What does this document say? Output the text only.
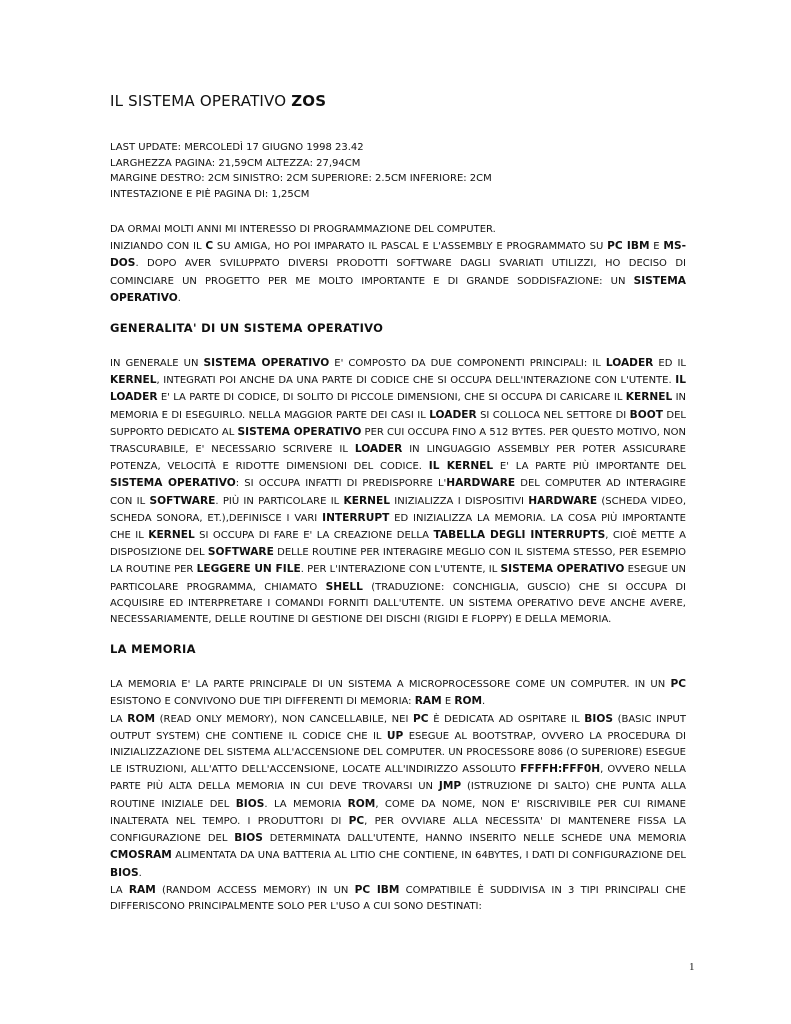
IL SISTEMA OPERATIVO ZOS
LAST UPDATE: MERCOLEDÌ 17 GIUGNO 1998 23.42
LARGHEZZA PAGINA: 21,59CM ALTEZZA: 27,94CM
MARGINE DESTRO: 2CM SINISTRO: 2CM SUPERIORE: 2.5CM INFERIORE: 2CM
INTESTAZIONE E PIÈ PAGINA DI: 1,25CM

DA ORMAI MOLTI ANNI MI INTERESSO DI PROGRAMMAZIONE DEL COMPUTER.

INIZIANDO CON IL C SU AMIGA, HO POI IMPARATO IL PASCAL E L'ASSEMBLY E PROGRAMMATO SU PC IBM E MS-DOS. DOPO AVER SVILUPPATO DIVERSI PRODOTTI SOFTWARE DAGLI SVARIATI UTILIZZI, HO DECISO DI COMINCIARE UN PROGETTO PER ME MOLTO IMPORTANTE E DI GRANDE SODDISFAZIONE: UN SISTEMA OPERATIVO.

GENERALITA' DI UN SISTEMA OPERATIVO

IN GENERALE UN SISTEMA OPERATIVO E' COMPOSTO DA DUE COMPONENTI PRINCIPALI: IL LOADER ED IL KERNEL, INTEGRATI POI ANCHE DA UNA PARTE DI CODICE CHE SI OCCUPA DELL'INTERAZIONE CON L'UTENTE. IL LOADER E' LA PARTE DI CODICE, DI SOLITO DI PICCOLE DIMENSIONI, CHE SI OCCUPA DI CARICARE IL KERNEL IN MEMORIA E DI ESEGUIRLO. NELLA MAGGIOR PARTE DEI CASI IL LOADER SI COLLOCA NEL SETTORE DI BOOT DEL SUPPORTO DEDICATO AL SISTEMA OPERATIVO PER CUI OCCUPA FINO A 512 BYTES. PER QUESTO MOTIVO, NON TRASCURABILE, E' NECESSARIO SCRIVERE IL LOADER IN LINGUAGGIO ASSEMBLY PER POTER ASSICURARE POTENZA, VELOCITÀ E RIDOTTE DIMENSIONI DEL CODICE. IL KERNEL E' LA PARTE PIÙ IMPORTANTE DEL SISTEMA OPERATIVO: SI OCCUPA INFATTI DI PREDISPORRE L'HARDWARE DEL COMPUTER AD INTERAGIRE CON IL SOFTWARE. PIÙ IN PARTICOLARE IL KERNEL INIZIALIZZA I DISPOSITIVI HARDWARE (SCHEDA VIDEO, SCHEDA SONORA, ET.),DEFINISCE I VARI INTERRUPT ED INIZIALIZZA LA MEMORIA. LA COSA PIÙ IMPORTANTE CHE IL KERNEL SI OCCUPA DI FARE E' LA CREAZIONE DELLA TABELLA DEGLI INTERRUPTS, CIOÈ METTE A DISPOSIZIONE DEL SOFTWARE DELLE ROUTINE PER INTERAGIRE MEGLIO CON IL SISTEMA STESSO, PER ESEMPIO LA ROUTINE PER LEGGERE UN FILE. PER L'INTERAZIONE CON L'UTENTE, IL SISTEMA OPERATIVO ESEGUE UN PARTICOLARE PROGRAMMA, CHIAMATO SHELL (TRADUZIONE: CONCHIGLIA, GUSCIO) CHE SI OCCUPA DI ACQUISIRE ED INTERPRETARE I COMANDI FORNITI DALL'UTENTE. UN SISTEMA OPERATIVO DEVE ANCHE AVERE, NECESSARIAMENTE, DELLE ROUTINE DI GESTIONE DEI DISCHI (RIGIDI E FLOPPY) E DELLA MEMORIA.

LA MEMORIA

LA MEMORIA E' LA PARTE PRINCIPALE DI UN SISTEMA A MICROPROCESSORE COME UN COMPUTER. IN UN PC ESISTONO E CONVIVONO DUE TIPI DIFFERENTI DI MEMORIA: RAM E ROM.

LA ROM (READ ONLY MEMORY), NON CANCELLABILE, NEI PC È DEDICATA AD OSPITARE IL BIOS (BASIC INPUT OUTPUT SYSTEM) CHE CONTIENE IL CODICE CHE IL UP ESEGUE AL BOOTSTRAP, OVVERO LA PROCEDURA DI INIZIALIZZAZIONE DEL SISTEMA ALL'ACCENSIONE DEL COMPUTER. UN PROCESSORE 8086 (O SUPERIORE) ESEGUE LE ISTRUZIONI, ALL'ATTO DELL'ACCENSIONE, LOCATE ALL'INDIRIZZO ASSOLUTO FFFFH:FFF0H, OVVERO NELLA PARTE PIÙ ALTA DELLA MEMORIA IN CUI DEVE TROVARSI UN JMP (ISTRUZIONE DI SALTO) CHE PUNTA ALLA ROUTINE INIZIALE DEL BIOS. LA MEMORIA ROM, COME DA NOME, NON E' RISCRIVIBILE PER CUI RIMANE INALTERATA NEL TEMPO. I PRODUTTORI DI PC, PER OVVIARE ALLA NECESSITA' DI MANTENERE FISSA LA CONFIGURAZIONE DEL BIOS DETERMINATA DALL'UTENTE, HANNO INSERITO NELLE SCHEDE UNA MEMORIA CMOSRAM ALIMENTATA DA UNA BATTERIA AL LITIO CHE CONTIENE, IN 64BYTES, I DATI DI CONFIGURAZIONE DEL BIOS.

LA RAM (RANDOM ACCESS MEMORY) IN UN PC IBM COMPATIBILE È SUDDIVISA IN 3 TIPI PRINCIPALI CHE DIFFERISCONO PRINCIPALMENTE SOLO PER L'USO A CUI SONO DESTINATI:

1
